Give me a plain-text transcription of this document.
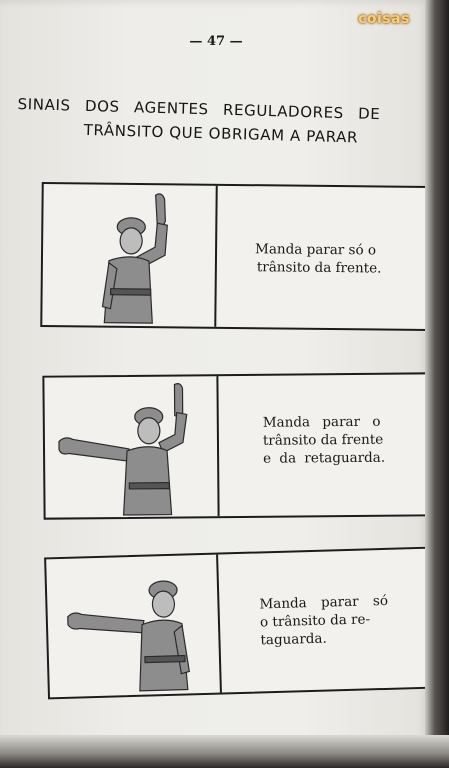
— 47 —
SINAIS DOS AGENTES REGULADORES DE
TRÂNSITO QUE OBRIGAM A PARAR
Manda parar só o
trânsito da frente.
Manda parar o
trânsito da frente
e da retaguarda.
Manda parar só
o trânsito da re-
taguarda.
coisas
